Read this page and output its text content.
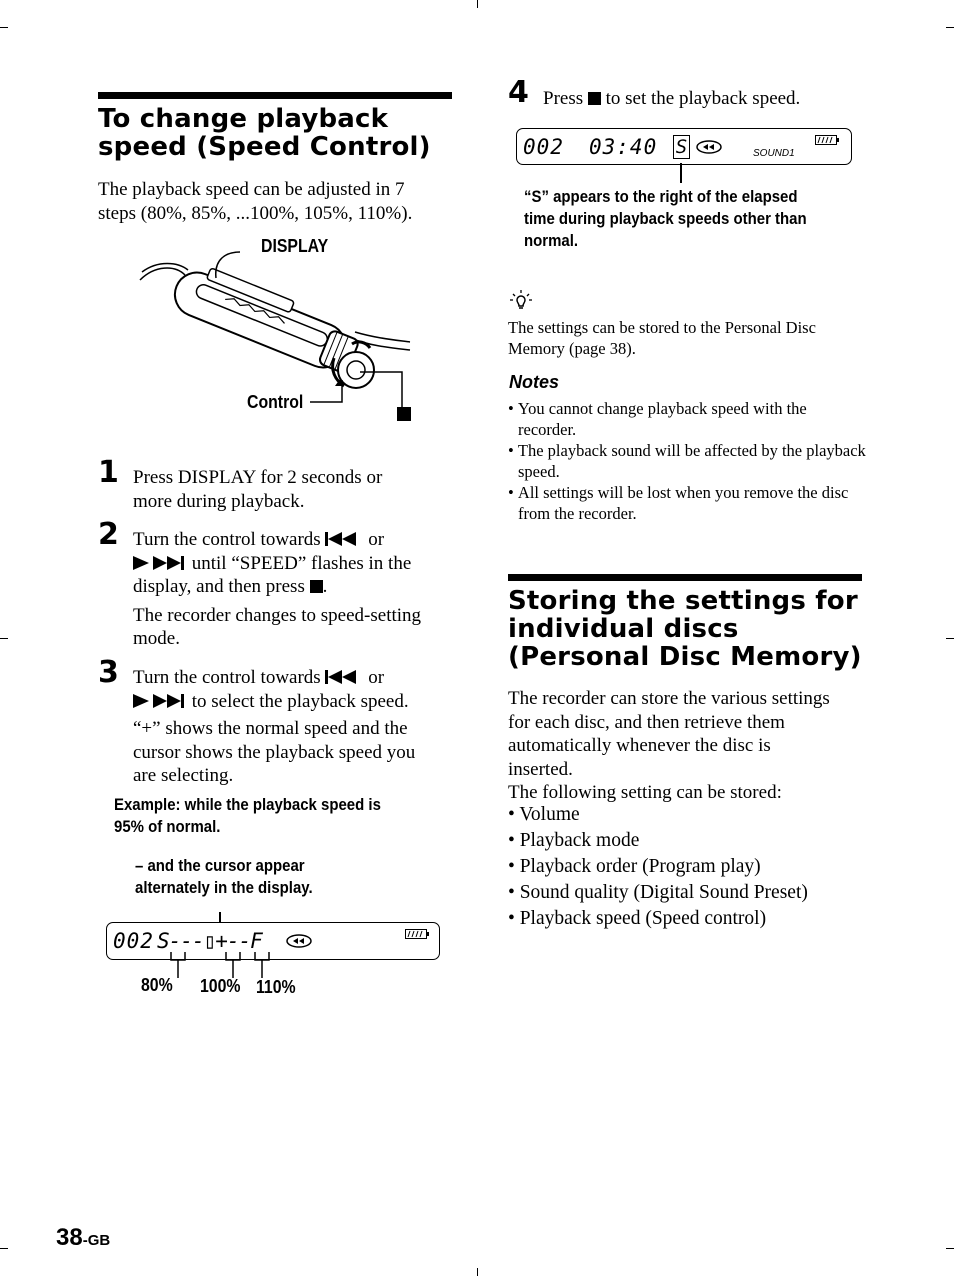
To change playback
speed (Speed Control)
The playback speed can be adjusted in 7
steps (80%, 85%, ...100%, 105%, 110%).
DISPLAY
Control
1 Press DISPLAY for 2 seconds or
more during playback.
2 Turn the control towards	or
until “SPEED” flashes in the
display, and then press .
The recorder changes to speed-setting
mode.
3 Turn the control towards	or
to select the playback speed.
“+” shows the normal speed and the
cursor shows the playback speed you
are selecting.
Example: while the playback speed is
95% of normal.
– and the cursor appear
alternately in the display.
002 S---▯+--F
80% 100% 110%
4 Press to set the playback speed.
002 03:40 S	SOUND1
“S” appears to the right of the elapsed
time during playback speeds other than
normal.
The settings can be stored to the Personal Disc
Memory (page 38).
Notes
• You cannot change playback speed with the recorder.
• The playback sound will be affected by the playback speed.
• All settings will be lost when you remove the disc from the recorder.
Storing the settings for
individual discs
(Personal Disc Memory)
The recorder can store the various settings
for each disc, and then retrieve them
automatically whenever the disc is
inserted.
The following setting can be stored:
• Volume
• Playback mode
• Playback order (Program play)
• Sound quality (Digital Sound Preset)
• Playback speed (Speed control)
38-GB
